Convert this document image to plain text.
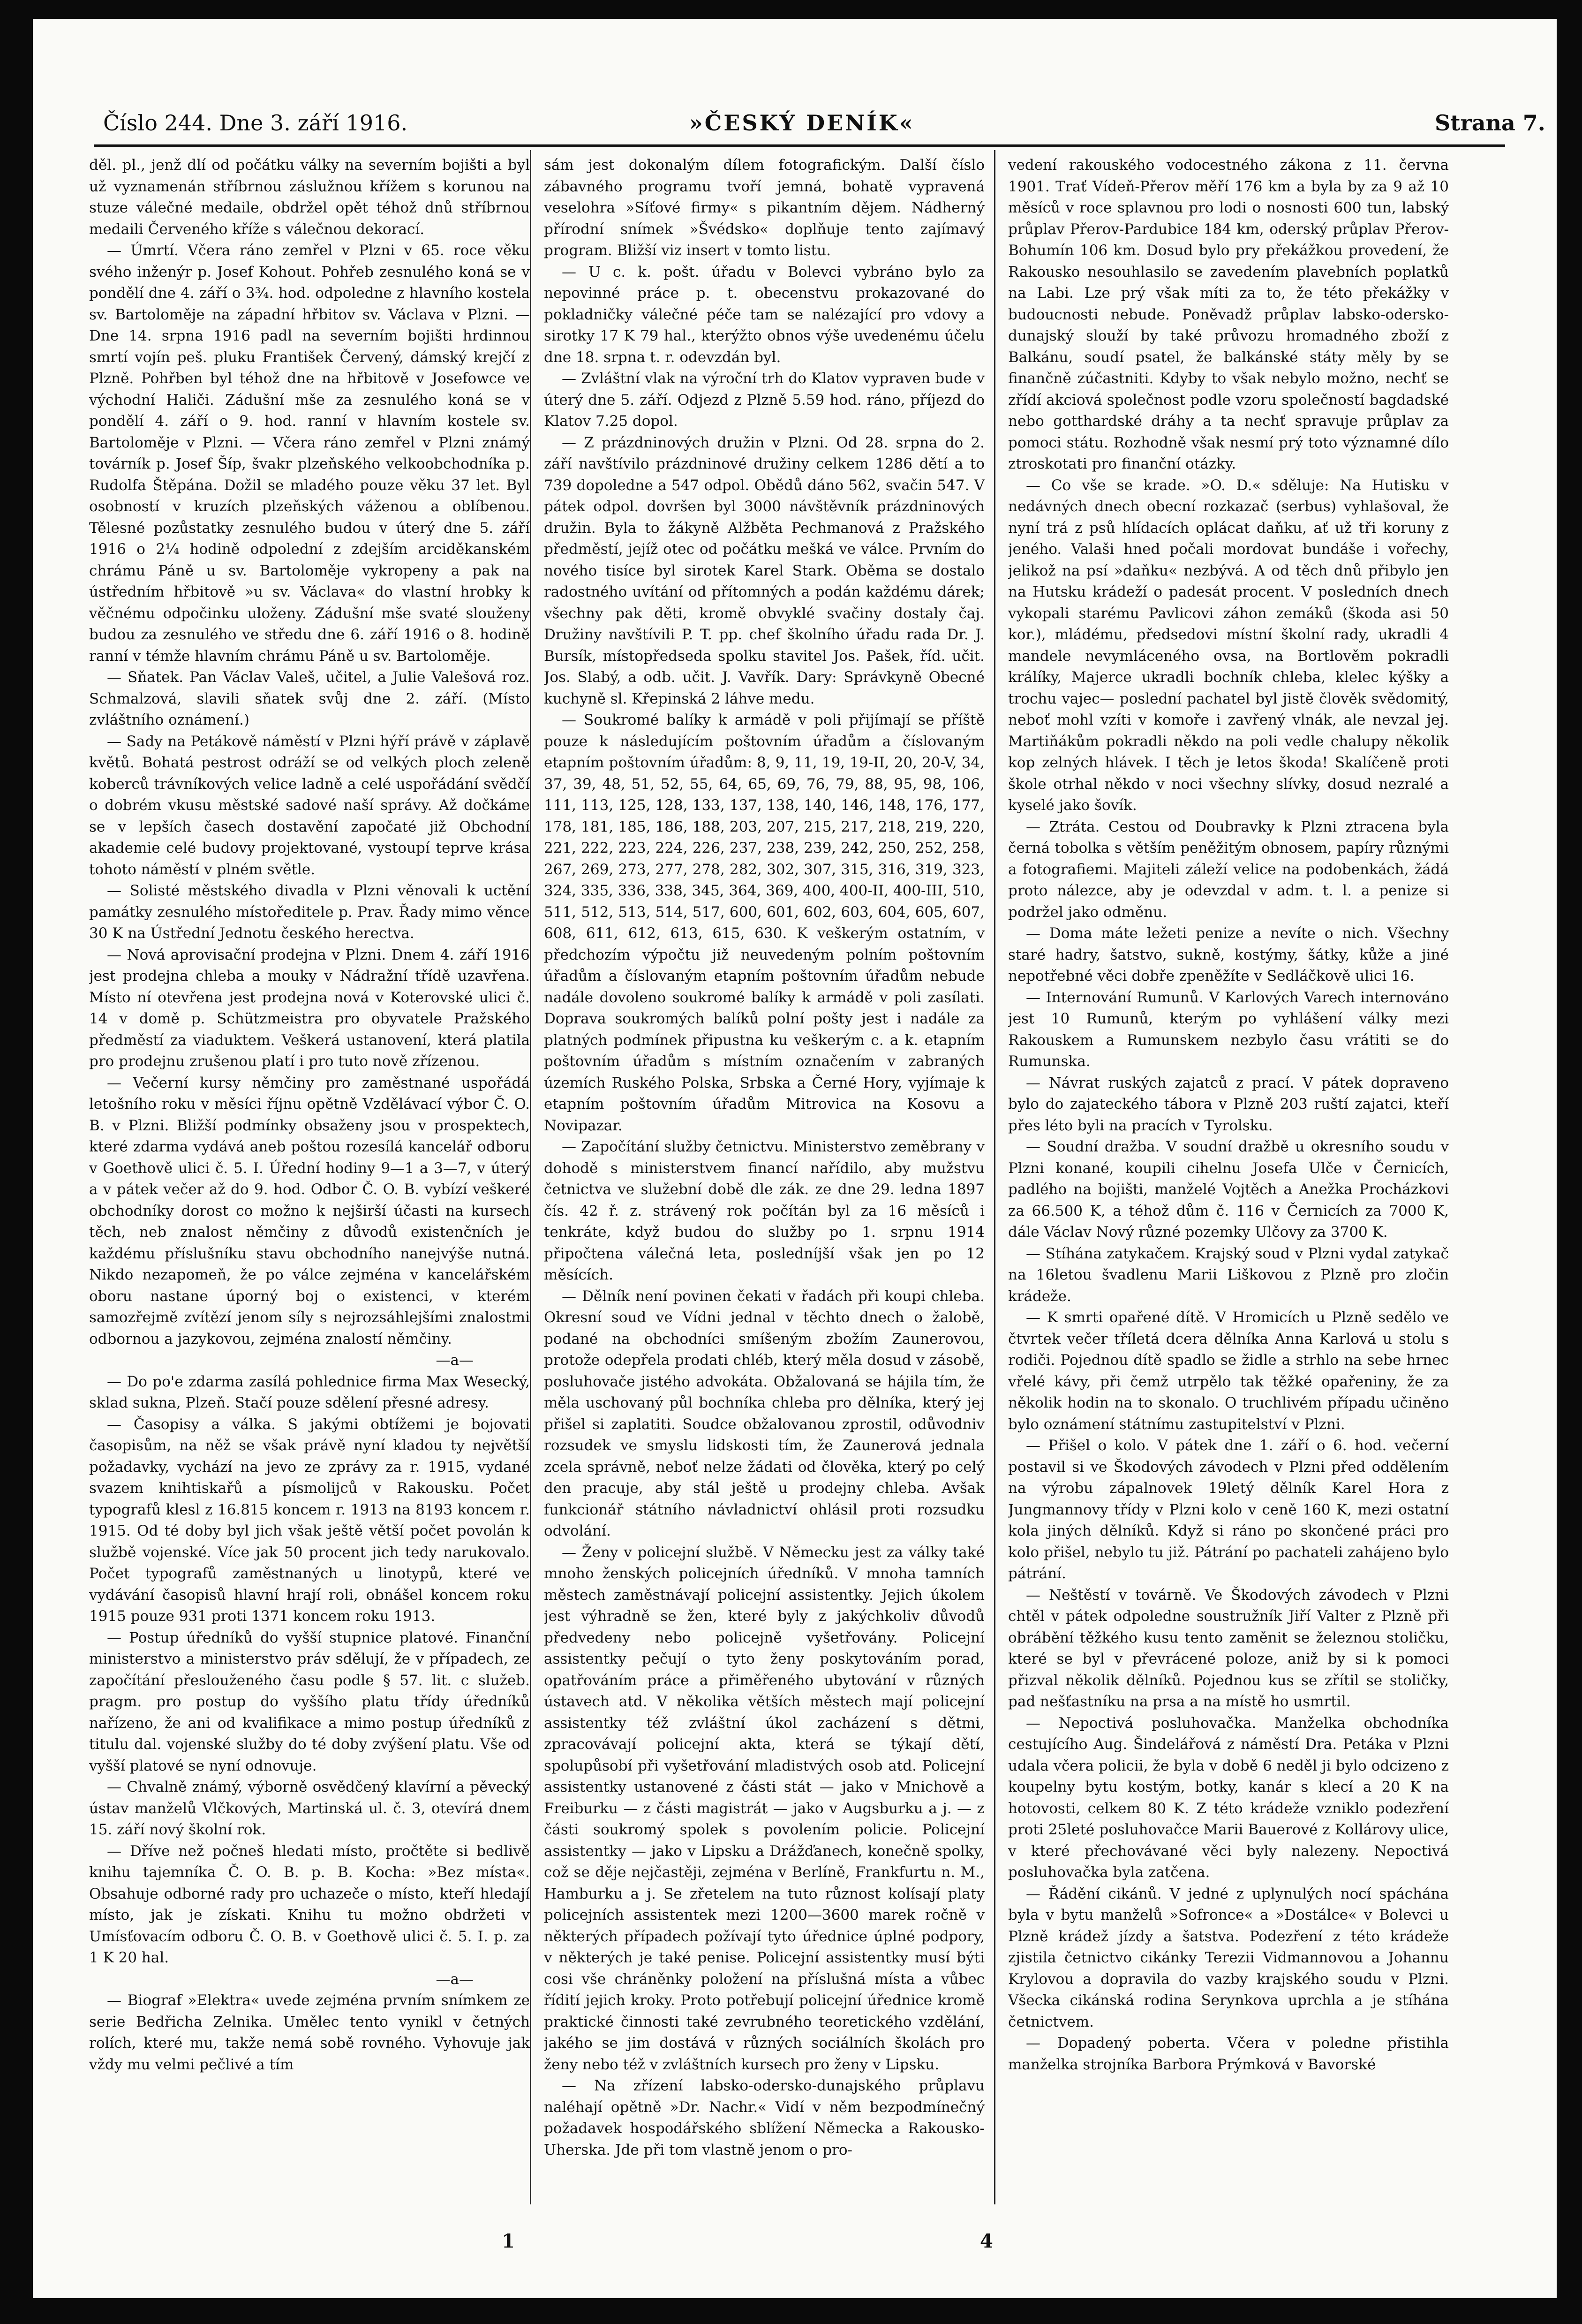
Číslo 244. Dne 3. září 1916.	»ČESKÝ DENÍK«	Strana 7.

děl. pl., jenž dlí od počátku války na severním bojišti a byl už vyznamenán stříbrnou záslužnou křížem s korunou na stuze válečné medaile, obdržel opět téhož dnů stříbrnou medaili Červeného kříže s válečnou dekorací.

— Úmrtí. Včera ráno zemřel v Plzni v 65. roce věku svého inženýr p. Josef Kohout. Pohřeb zesnulého koná se v pondělí dne 4. září o 3¾. hod. odpoledne z hlavního kostela sv. Bartoloměje na západní hřbitov sv. Václava v Plzni. — Dne 14. srpna 1916 padl na severním bojišti hrdinnou smrtí vojín peš. pluku František Červený, dámský krejčí z Plzně. Pohřben byl téhož dne na hřbitově v Josefowce ve východní Haliči. Zádušní mše za zesnulého koná se v pondělí 4. září o 9. hod. ranní v hlavním kostele sv. Bartoloměje v Plzni. — Včera ráno zemřel v Plzni známý továrník p. Josef Šíp, švakr plzeňského velkoobchodníka p. Rudolfa Štěpána. Dožil se mladého pouze věku 37 let. Byl osobností v kruzích plzeňských váženou a oblíbenou. Tělesné pozůstatky zesnulého budou v úterý dne 5. září 1916 o 2¼ hodině odpolední z zdejším arciděkanském chrámu Páně u sv. Bartoloměje vykropeny a pak na ústředním hřbitově »u sv. Václava« do vlastní hrobky k věčnému odpočinku uloženy. Zádušní mše svaté slouženy budou za zesnulého ve středu dne 6. září 1916 o 8. hodině ranní v témže hlavním chrámu Páně u sv. Bartoloměje.

— Sňatek. Pan Václav Valeš, učitel, a Julie Valešová roz. Schmalzová, slavili sňatek svůj dne 2. září. (Místo zvláštního oznámení.)

— Sady na Petákově náměstí v Plzni hýří právě v záplavě květů. Bohatá pestrost odráží se od velkých ploch zeleně koberců trávníkových velice ladně a celé uspořádání svědčí o dobrém vkusu městské sadové naší správy. Až dočkáme se v lepších časech dostavění započaté již Obchodní akademie celé budovy projektované, vystoupí teprve krása tohoto náměstí v plném světle.

— Solisté městského divadla v Plzni věnovali k uctění památky zesnulého místoředitele p. Prav. Řady mimo věnce 30 K na Ústřední Jednotu českého herectva.

— Nová aprovisační prodejna v Plzni. Dnem 4. září 1916 jest prodejna chleba a mouky v Nádražní třídě uzavřena. Místo ní otevřena jest prodejna nová v Koterovské ulici č. 14 v domě p. Schützmeistra pro obyvatele Pražského předměstí za viaduktem. Veškerá ustanovení, která platila pro prodejnu zrušenou platí i pro tuto nově zřízenou.

— Večerní kursy němčiny pro zaměstnané uspořádá letošního roku v měsíci říjnu opětně Vzdělávací výbor Č. O. B. v Plzni. Bližší podmínky obsaženy jsou v prospektech, které zdarma vydává aneb poštou rozesílá kancelář odboru v Goethově ulici č. 5. I. Úřední hodiny 9—1 a 3—7, v úterý a v pátek večer až do 9. hod. Odbor Č. O. B. vybízí veškeré obchodníky dorost co možno k nejširší účasti na kursech těch, neb znalost němčiny z důvodů existenčních je každému příslušníku stavu obchodního nanejvýše nutná. Nikdo nezapomeň, že po válce zejména v kancelářském oboru nastane úporný boj o existenci, v kterém samozřejmě zvítězí jenom síly s nejrozsáhlejšími znalostmi odbornou a jazykovou, zejména znalostí němčiny.

—a—

— Do po'e zdarma zasílá pohlednice firma Max Wesecký, sklad sukna, Plzeň. Stačí pouze sdělení přesné adresy.

— Časopisy a válka. S jakými obtížemi je bojovati časopisům, na něž se však právě nyní kladou ty největší požadavky, vychází na jevo ze zprávy za r. 1915, vydané svazem knihtiskařů a písmolijců v Rakousku. Počet typografů klesl z 16.815 koncem r. 1913 na 8193 koncem r. 1915. Od té doby byl jich však ještě větší počet povolán k službě vojenské. Více jak 50 procent jich tedy narukovalo. Počet typografů zaměstnaných u linotypů, které ve vydávání časopisů hlavní hrají roli, obnášel koncem roku 1915 pouze 931 proti 1371 koncem roku 1913.

— Postup úředníků do vyšší stupnice platové. Finanční ministerstvo a ministerstvo práv sdělují, že v případech, ze započítání přeslouženého času podle § 57. lit. c služeb. pragm. pro postup do vyššího platu třídy úředníků nařízeno, že ani od kvalifikace a mimo postup úředníků z titulu dal. vojenské služby do té doby zvýšení platu. Vše od vyšší platové se nyní odnovuje.

— Chvalně známý, výborně osvědčený klavírní a pěvecký ústav manželů Vlčkových, Martinská ul. č. 3, otevírá dnem 15. září nový školní rok.

— Dříve než počneš hledati místo, pročtěte si bedlivě knihu tajemníka Č. O. B. p. B. Kocha: »Bez místa«. Obsahuje odborné rady pro uchazeče o místo, kteří hledají místo, jak je získati. Knihu tu možno obdržeti v Umísťovacím odboru Č. O. B. v Goethově ulici č. 5. I. p. za 1 K 20 hal.

—a—

— Biograf »Elektra« uvede zejména prvním snímkem ze serie Bedřicha Zelnika. Umělec tento vynikl v četných rolích, které mu, takže nemá sobě rovného. Vyhovuje jak vždy mu velmi pečlivé a tím

sám jest dokonalým dílem fotografickým. Další číslo zábavného programu tvoří jemná, bohatě vypravená veselohra »Síťové firmy« s pikantním dějem. Nádherný přírodní snímek »Švédsko« doplňuje tento zajímavý program. Bližší viz insert v tomto listu.

— U c. k. pošt. úřadu v Bolevci vybráno bylo za nepovinné práce p. t. obecenstvu prokazované do pokladničky válečné péče tam se nalézající pro vdovy a sirotky 17 K 79 hal., kterýžto obnos výše uvedenému účelu dne 18. srpna t. r. odevzdán byl.

— Zvláštní vlak na výroční trh do Klatov vypraven bude v úterý dne 5. září. Odjezd z Plzně 5.59 hod. ráno, příjezd do Klatov 7.25 dopol.

— Z prázdninových družin v Plzni. Od 28. srpna do 2. září navštívilo prázdninové družiny celkem 1286 dětí a to 739 dopoledne a 547 odpol. Obědů dáno 562, svačin 547. V pátek odpol. dovršen byl 3000 návštěvník prázdninových družin. Byla to žákyně Alžběta Pechmanová z Pražského předměstí, jejíž otec od počátku mešká ve válce. Prvním do nového tisíce byl sirotek Karel Stark. Oběma se dostalo radostného uvítání od přítomných a podán každému dárek; všechny pak děti, kromě obvyklé svačiny dostaly čaj. Družiny navštívili P. T. pp. chef školního úřadu rada Dr. J. Bursík, místopředseda spolku stavitel Jos. Pašek, říd. učit. Jos. Slabý, a odb. učit. J. Vavřík. Dary: Správkyně Obecné kuchyně sl. Křepinská 2 láhve medu.

— Soukromé balíky k armádě v poli přijímají se příště pouze k následujícím poštovním úřadům a číslovaným etapním poštovním úřadům: 8, 9, 11, 19, 19-II, 20, 20-V, 34, 37, 39, 48, 51, 52, 55, 64, 65, 69, 76, 79, 88, 95, 98, 106, 111, 113, 125, 128, 133, 137, 138, 140, 146, 148, 176, 177, 178, 181, 185, 186, 188, 203, 207, 215, 217, 218, 219, 220, 221, 222, 223, 224, 226, 237, 238, 239, 242, 250, 252, 258, 267, 269, 273, 277, 278, 282, 302, 307, 315, 316, 319, 323, 324, 335, 336, 338, 345, 364, 369, 400, 400-II, 400-III, 510, 511, 512, 513, 514, 517, 600, 601, 602, 603, 604, 605, 607, 608, 611, 612, 613, 615, 630. K veškerým ostatním, v předchozím výpočtu již neuvedeným polním poštovním úřadům a číslovaným etapním poštovním úřadům nebude nadále dovoleno soukromé balíky k armádě v poli zasílati. Doprava soukromých balíků polní pošty jest i nadále za platných podmínek připustna ku veškerým c. a k. etapním poštovním úřadům s místním označením v zabraných územích Ruského Polska, Srbska a Černé Hory, vyjímaje k etapním poštovním úřadům Mitrovica na Kosovu a Novipazar.

— Započítání služby četnictvu. Ministerstvo zeměbrany v dohodě s ministerstvem financí nařídilo, aby mužstvu četnictva ve služební době dle zák. ze dne 29. ledna 1897 čís. 42 ř. z. strávený rok počítán byl za 16 měsíců i tenkráte, když budou do služby po 1. srpnu 1914 připočtena válečná leta, posledníjší však jen po 12 měsících.

— Dělník není povinen čekati v řadách při koupi chleba. Okresní soud ve Vídni jednal v těchto dnech o žalobě, podané na obchodníci smíšeným zbožím Zaunerovou, protože odepřela prodati chléb, který měla dosud v zásobě, posluhovače jistého advokáta. Obžalovaná se hájila tím, že měla uschovaný půl bochníka chleba pro dělníka, který jej přišel si zaplatiti. Soudce obžalovanou zprostil, odůvodniv rozsudek ve smyslu lidskosti tím, že Zaunerová jednala zcela správně, neboť nelze žádati od člověka, který po celý den pracuje, aby stál ještě u prodejny chleba. Avšak funkcionář státního návladnictví ohlásil proti rozsudku odvolání.

— Ženy v policejní službě. V Německu jest za války také mnoho ženských policejních úředníků. V mnoha tamních městech zaměstnávají policejní assistentky. Jejich úkolem jest výhradně se žen, které byly z jakýchkoliv důvodů předvedeny nebo policejně vyšetřovány. Policejní assistentky pečují o tyto ženy poskytováním porad, opatřováním práce a přiměřeného ubytování v různých ústavech atd. V několika větších městech mají policejní assistentky též zvláštní úkol zacházení s dětmi, zpracovávají policejní akta, která se týkají dětí, spolupůsobí při vyšetřování mladistvých osob atd. Policejní assistentky ustanovené z části stát — jako v Mnichově a Freiburku — z části magistrát — jako v Augsburku a j. — z části soukromý spolek s povolením policie. Policejní assistentky — jako v Lipsku a Drážďanech, konečně spolky, což se děje nejčastěji, zejména v Berlíně, Frankfurtu n. M., Hamburku a j. Se zřetelem na tuto různost kolísají platy policejních assistentek mezi 1200—3600 marek ročně v některých případech požívají tyto úřednice úplné podpory, v některých je také penise. Policejní assistentky musí býti cosi vše chráněnky položení na příslušná místa a vůbec řídití jejich kroky. Proto potřebují policejní úřednice kromě praktické činnosti také zevrubného teoretického vzdělání, jakého se jim dostává v různých sociálních školách pro ženy nebo též v zvláštních kursech pro ženy v Lipsku.

— Na zřízení labsko-odersko-dunajského průplavu naléhají opětně »Dr. Nachr.« Vidí v něm bezpodmínečný požadavek hospodářského sblížení Německa a Rakousko-Uherska. Jde při tom vlastně jenom o pro-

vedení rakouského vodocestného zákona z 11. června 1901. Trať Vídeň-Přerov měří 176 km a byla by za 9 až 10 měsíců v roce splavnou pro lodi o nosnosti 600 tun, labský průplav Přerov-Pardubice 184 km, oderský průplav Přerov-Bohumín 106 km. Dosud bylo pry překážkou provedení, že Rakousko nesouhlasilo se zavedením plavebních poplatků na Labi. Lze prý však míti za to, že této překážky v budoucnosti nebude. Poněvadž průplav labsko-odersko-dunajský slouží by také průvozu hromadného zboží z Balkánu, soudí psatel, že balkánské státy měly by se finančně zúčastniti. Kdyby to však nebylo možno, nechť se zřídí akciová společnost podle vzoru společností bagdadské nebo gotthardské dráhy a ta nechť spravuje průplav za pomoci státu. Rozhodně však nesmí prý toto významné dílo ztroskotati pro finanční otázky.

— Co vše se krade. »O. D.« sděluje: Na Hutisku v nedávných dnech obecní rozkazač (serbus) vyhlašoval, že nyní trá z psů hlídacích oplácat daňku, ať už tři koruny z jeného. Valaši hned počali mordovat bundáše i vořechy, jelikož na psí »daňku« nezbývá. A od těch dnů přibylo jen na Hutsku krádeží o padesát procent. V posledních dnech vykopali starému Pavlicovi záhon zemáků (škoda asi 50 kor.), mládému, předsedovi místní školní rady, ukradli 4 mandele nevymláceného ovsa, na Bortlověm pokradli králíky, Majerce ukradli bochník chleba, klelec kýšky a trochu vajec— poslední pachatel byl jistě člověk svědomitý, neboť mohl vzíti v komoře i zavřený vlnák, ale nevzal jej. Martiňákům pokradli někdo na poli vedle chalupy několik kop zelných hlávek. I těch je letos škoda! Skalíčeně proti škole otrhal někdo v noci všechny slívky, dosud nezralé a kyselé jako šovík.

— Ztráta. Cestou od Doubravky k Plzni ztracena byla černá tobolka s větším peněžitým obnosem, papíry různými a fotografiemi. Majiteli záleží velice na podobenkách, žádá proto nálezce, aby je odevzdal v adm. t. l. a penize si podržel jako odměnu.

— Doma máte ležeti penize a nevíte o nich. Všechny staré hadry, šatstvo, sukně, kostýmy, šátky, kůže a jiné nepotřebné věci dobře zpeněžíte v Sedláčkově ulici 16.

— Internování Rumunů. V Karlových Varech internováno jest 10 Rumunů, kterým po vyhlášení války mezi Rakouskem a Rumunskem nezbylo času vrátiti se do Rumunska.

— Návrat ruských zajatců z prací. V pátek dopraveno bylo do zajateckého tábora v Plzně 203 ruští zajatci, kteří přes léto byli na pracích v Tyrolsku.

— Soudní dražba. V soudní dražbě u okresního soudu v Plzni konané, koupili cihelnu Josefa Ulče v Černicích, padlého na bojišti, manželé Vojtěch a Anežka Procházkovi za 66.500 K, a téhož dům č. 116 v Černicích za 7000 K, dále Václav Nový různé pozemky Ulčovy za 3700 K.

— Stíhána zatykačem. Krajský soud v Plzni vydal zatykač na 16letou švadlenu Marii Liškovou z Plzně pro zločin krádeže.

— K smrti opařené dítě. V Hromicích u Plzně sedělo ve čtvrtek večer tříletá dcera dělníka Anna Karlová u stolu s rodiči. Pojednou dítě spadlo se židle a strhlo na sebe hrnec vřelé kávy, při čemž utrpělo tak těžké opařeniny, že za několik hodin na to skonalo. O truchlivém případu učiněno bylo oznámení státnímu zastupitelství v Plzni.

— Přišel o kolo. V pátek dne 1. září o 6. hod. večerní postavil si ve Škodových závodech v Plzni před oddělením na výrobu zápalnovek 19letý dělník Karel Hora z Jungmannovy třídy v Plzni kolo v ceně 160 K, mezi ostatní kola jiných dělníků. Když si ráno po skončené práci pro kolo přišel, nebylo tu již. Pátrání po pachateli zahájeno bylo pátrání.

— Neštěstí v továrně. Ve Škodových závodech v Plzni chtěl v pátek odpoledne soustružník Jiří Valter z Plzně při obrábění těžkého kusu tento zaměnit se železnou stoličku, které se byl v převrácené poloze, aniž by si k pomoci přizval několik dělníků. Pojednou kus se zřítil se stoličky, pad nešťastníku na prsa a na místě ho usmrtil.

— Nepoctivá posluhovačka. Manželka obchodníka cestujícího Aug. Šindelářová z náměstí Dra. Petáka v Plzni udala včera policii, že byla v době 6 neděl ji bylo odcizeno z koupelny bytu kostým, botky, kanár s klecí a 20 K na hotovosti, celkem 80 K. Z této krádeže vzniklo podezření proti 25leté posluhovačce Marii Bauerové z Kollárovy ulice, v které přechovávané věci byly nalezeny. Nepoctivá posluhovačka byla zatčena.

— Řádění cikánů. V jedné z uplynulých nocí spáchána byla v bytu manželů »Sofronce« a »Dostálce« v Bolevci u Plzně krádež jízdy a šatstva. Podezření z této krádeže zjistila četnictvo cikánky Terezii Vidmannovou a Johannu Krylovou a dopravila do vazby krajského soudu v Plzni. Všecka cikánská rodina Serynkova uprchla a je stíhána četnictvem.

— Dopadený poberta. Včera v poledne přistihla manželka strojníka Barbora Prýmková v Bavorské

1	4
